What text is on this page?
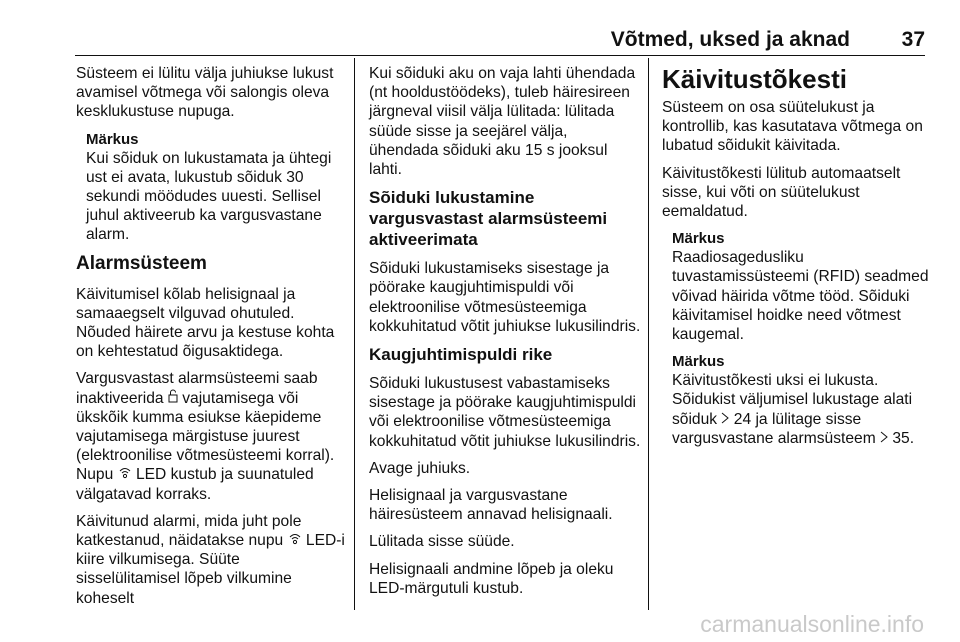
Võtmed, uksed ja aknad 37

Süsteem ei lülitu välja juhiukse lukust avamisel võtmega või salongis oleva kesklukustuse nupuga.

Märkus

Kui sõiduk on lukustamata ja ühtegi ust ei avata, lukustub sõiduk 30 sekundi möödudes uuesti. Sellisel juhul aktiveerub ka vargusvastane alarm.

Alarmsüsteem

Käivitumisel kõlab helisignaal ja samaaegselt vilguvad ohutuled. Nõuded häirete arvu ja kestuse kohta on kehtestatud õigusaktidega.

Vargusvastast alarmsüsteemi saab inaktiveerida vajutamisega või ükskõik kumma esiukse käepideme vajutamisega märgistuse juurest (elektroonilise võtmesüsteemi korral). Nupu LED kustub ja suunatuled välgatavad korraks.

Käivitunud alarmi, mida juht pole katkestanud, näidatakse nupu LED-i kiire vilkumisega. Süüte sisselülitamisel lõpeb vilkumine koheselt

Kui sõiduki aku on vaja lahti ühendada (nt hooldustöödeks), tuleb häiresireen järgneval viisil välja lülitada: lülitada süüde sisse ja seejärel välja, ühendada sõiduki aku 15 s jooksul lahti.

Sõiduki lukustamine vargusvastast alarmsüsteemi aktiveerimata

Sõiduki lukustamiseks sisestage ja pöörake kaugjuhtimispuldi või elektroonilise võtmesüsteemiga kokkuhitatud võtit juhiukse lukusilindris.

Kaugjuhtimispuldi rike

Sõiduki lukustusest vabastamiseks sisestage ja pöörake kaugjuhtimispuldi või elektroonilise võtmesüsteemiga kokkuhitatud võtit juhiukse lukusilindris.

Avage juhiuks.

Helisignaal ja vargusvastane häiresüsteem annavad helisignaali.

Lülitada sisse süüde.

Helisignaali andmine lõpeb ja oleku LED-märgutuli kustub.

Käivitustõkesti

Süsteem on osa süütelukust ja kontrollib, kas kasutatava võtmega on lubatud sõidukit käivitada.

Käivitustõkesti lülitub automaatselt sisse, kui võti on süütelukust eemaldatud.

Märkus

Raadiosagedusliku tuvastamissüsteemi (RFID) seadmed võivad häirida võtme tööd. Sõiduki käivitamisel hoidke need võtmest kaugemal.

Märkus

Käivitustõkesti uksi ei lukusta. Sõidukist väljumisel lukustage alati sõiduk 24 ja lülitage sisse vargusvastane alarmsüsteem 35.

carmanualsonline.info
